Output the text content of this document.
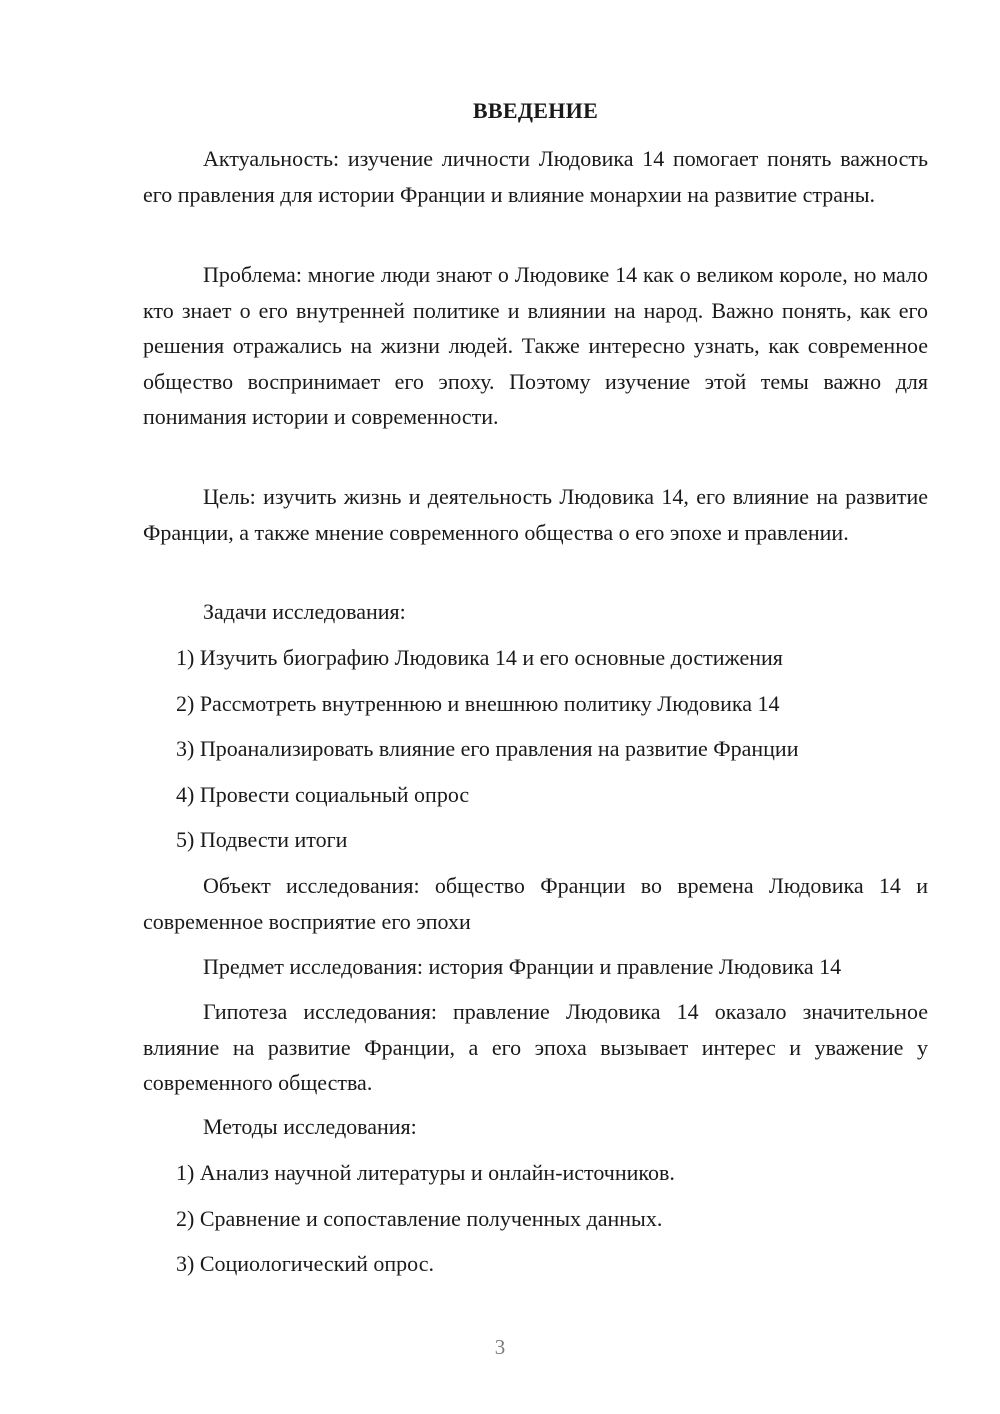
ВВЕДЕНИЕ

Актуальность: изучение личности Людовика 14 помогает понять важность его правления для истории Франции и влияние монархии на развитие страны.

Проблема: многие люди знают о Людовике 14 как о великом короле, но мало кто знает о его внутренней политике и влиянии на народ. Важно понять, как его решения отражались на жизни людей. Также интересно узнать, как современное общество воспринимает его эпоху. Поэтому изучение этой темы важно для понимания истории и современности.

Цель: изучить жизнь и деятельность Людовика 14, его влияние на развитие Франции, а также мнение современного общества о его эпохе и правлении.

Задачи исследования:

1) Изучить биографию Людовика 14 и его основные достижения

2) Рассмотреть внутреннюю и внешнюю политику Людовика 14

3) Проанализировать влияние его правления на развитие Франции

4) Провести социальный опрос

5) Подвести итоги

Объект исследования: общество Франции во времена Людовика 14 и современное восприятие его эпохи

Предмет исследования: история Франции и правление Людовика 14

Гипотеза исследования: правление Людовика 14 оказало значительное влияние на развитие Франции, а его эпоха вызывает интерес и уважение у современного общества.

Методы исследования:

1) Анализ научной литературы и онлайн-источников.

2) Сравнение и сопоставление полученных данных.

3) Социологический опрос.

3
